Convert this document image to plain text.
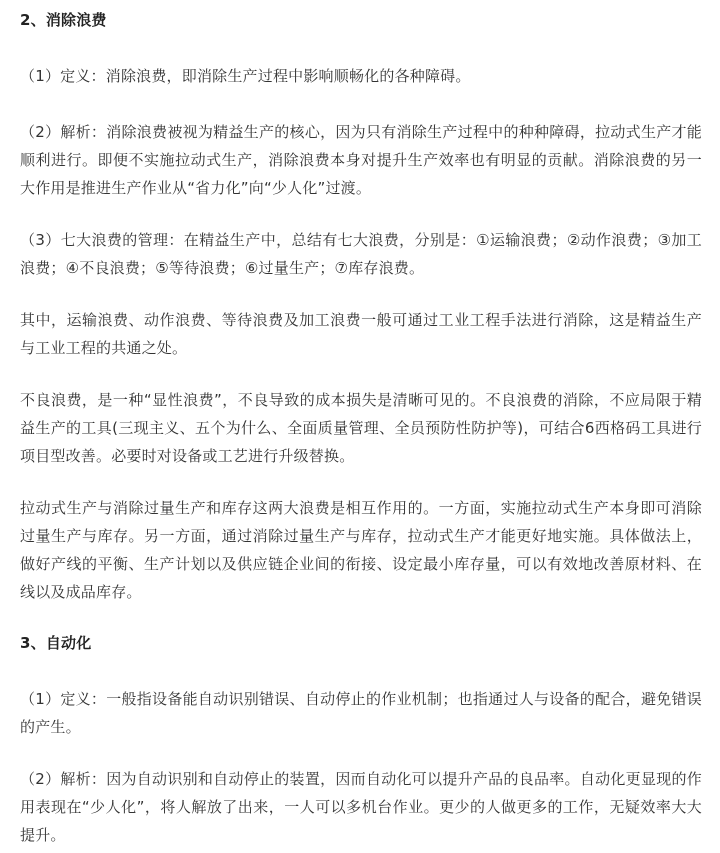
2、消除浪费

（1）定义：消除浪费，即消除生产过程中影响顺畅化的各种障碍。

（2）解析：消除浪费被视为精益生产的核心，因为只有消除生产过程中的种种障碍，拉动式生产才能顺利进行。即便不实施拉动式生产，消除浪费本身对提升生产效率也有明显的贡献。消除浪费的另一大作用是推进生产作业从“省力化”向“少人化”过渡。

（3）七大浪费的管理：在精益生产中，总结有七大浪费，分别是：①运输浪费；②动作浪费；③加工浪费；④不良浪费；⑤等待浪费；⑥过量生产；⑦库存浪费。

其中，运输浪费、动作浪费、等待浪费及加工浪费一般可通过工业工程手法进行消除，这是精益生产与工业工程的共通之处。

不良浪费，是一种“显性浪费”，不良导致的成本损失是清晰可见的。不良浪费的消除，不应局限于精益生产的工具(三现主义、五个为什么、全面质量管理、全员预防性防护等)，可结合6西格码工具进行项目型改善。必要时对设备或工艺进行升级替换。

拉动式生产与消除过量生产和库存这两大浪费是相互作用的。一方面，实施拉动式生产本身即可消除过量生产与库存。另一方面，通过消除过量生产与库存，拉动式生产才能更好地实施。具体做法上，做好产线的平衡、生产计划以及供应链企业间的衔接、设定最小库存量，可以有效地改善原材料、在线以及成品库存。

3、自动化

（1）定义：一般指设备能自动识别错误、自动停止的作业机制；也指通过人与设备的配合，避免错误的产生。

（2）解析：因为自动识别和自动停止的装置，因而自动化可以提升产品的良品率。自动化更显现的作用表现在“少人化”，将人解放了出来，一人可以多机台作业。更少的人做更多的工作，无疑效率大大提升。
